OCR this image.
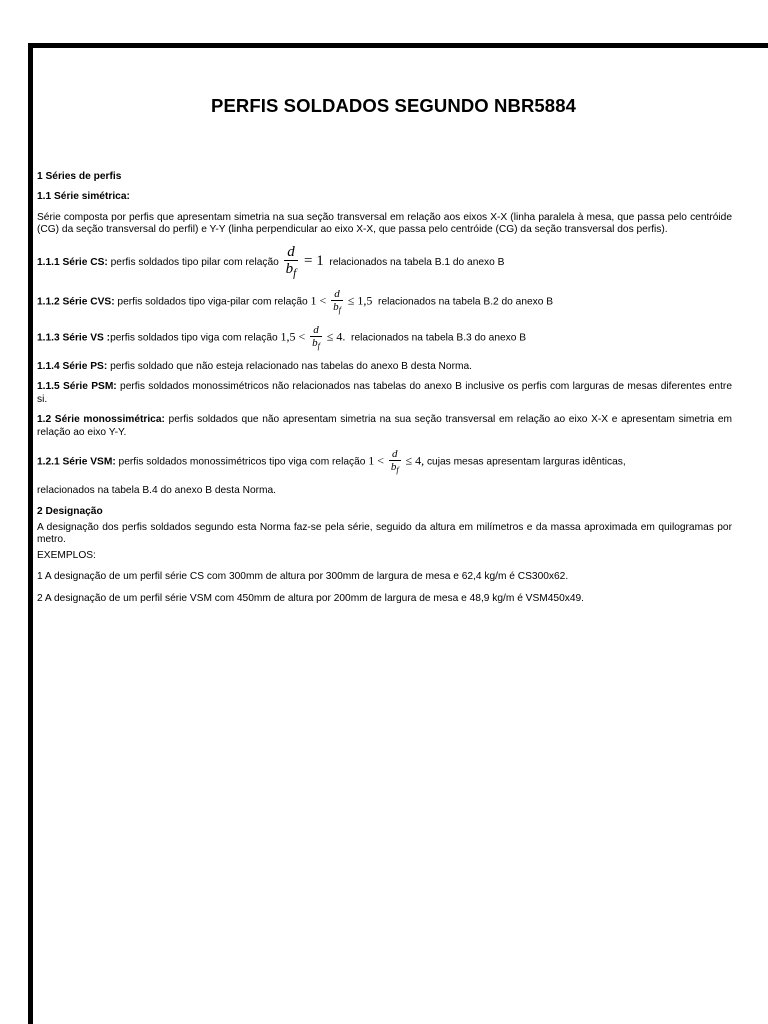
PERFIS SOLDADOS SEGUNDO NBR5884

1 Séries de perfis

1.1 Série simétrica:

Série composta por perfis que apresentam simetria na sua seção transversal em relação aos eixos X-X (linha paralela à mesa, que passa pelo centróide (CG) da seção transversal do perfil) e Y-Y (linha perpendicular ao eixo X-X, que passa pelo centróide (CG) da seção transversal dos perfis).

1.1.1 Série CS: perfis soldados tipo pilar com relação $\frac{d}{b_f} = 1$ relacionados na tabela B.1 do anexo B

1.1.2 Série CVS: perfis soldados tipo viga-pilar com relação $1 < \frac{d}{b_f} \le 1,5$ relacionados na tabela B.2 do anexo B

1.1.3 Série VS :perfis soldados tipo viga com relação $1,5 < \frac{d}{b_f} \le 4$. relacionados na tabela B.3 do anexo B

1.1.4 Série PS: perfis soldado que não esteja relacionado nas tabelas do anexo B desta Norma.

1.1.5 Série PSM: perfis soldados monossimétricos não relacionados nas tabelas do anexo B inclusive os perfis com larguras de mesas diferentes entre si.

1.2 Série monossimétrica: perfis soldados que não apresentam simetria na sua seção transversal em relação ao eixo X-X e apresentam simetria em relação ao eixo Y-Y.

1.2.1 Série VSM: perfis soldados monossimétricos tipo viga com relação $1 < \frac{d}{b_f} \le 4$, cujas mesas apresentam larguras idênticas,

relacionados na tabela B.4 do anexo B desta Norma.

2 Designação

A designação dos perfis soldados segundo esta Norma faz-se pela série, seguido da altura em milímetros e da massa aproximada em quilogramas por metro.

EXEMPLOS:

1 A designação de um perfil série CS com 300mm de altura por 300mm de largura de mesa e 62,4 kg/m é CS300x62.

2 A designação de um perfil série VSM com 450mm de altura por 200mm de largura de mesa e 48,9 kg/m é VSM450x49.
